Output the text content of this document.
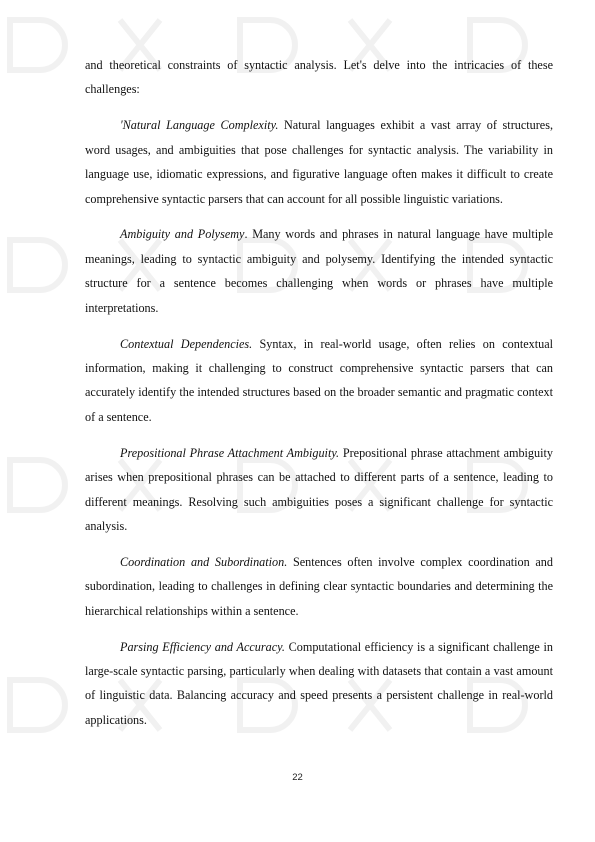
and theoretical constraints of syntactic analysis. Let's delve into the intricacies of these challenges:

'Natural Language Complexity. Natural languages exhibit a vast array of structures, word usages, and ambiguities that pose challenges for syntactic analysis. The variability in language use, idiomatic expressions, and figurative language often makes it difficult to create comprehensive syntactic parsers that can account for all possible linguistic variations.

Ambiguity and Polysemy. Many words and phrases in natural language have multiple meanings, leading to syntactic ambiguity and polysemy. Identifying the intended syntactic structure for a sentence becomes challenging when words or phrases have multiple interpretations.

Contextual Dependencies. Syntax, in real-world usage, often relies on contextual information, making it challenging to construct comprehensive syntactic parsers that can accurately identify the intended structures based on the broader semantic and pragmatic context of a sentence.

Prepositional Phrase Attachment Ambiguity. Prepositional phrase attachment ambiguity arises when prepositional phrases can be attached to different parts of a sentence, leading to different meanings. Resolving such ambiguities poses a significant challenge for syntactic analysis.

Coordination and Subordination. Sentences often involve complex coordination and subordination, leading to challenges in defining clear syntactic boundaries and determining the hierarchical relationships within a sentence.

Parsing Efficiency and Accuracy. Computational efficiency is a significant challenge in large-scale syntactic parsing, particularly when dealing with datasets that contain a vast amount of linguistic data. Balancing accuracy and speed presents a persistent challenge in real-world applications.

22
